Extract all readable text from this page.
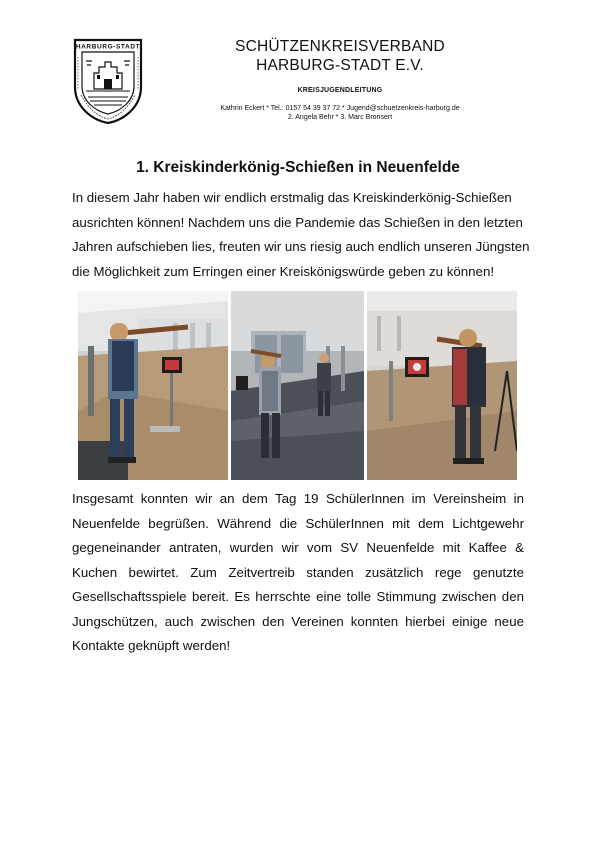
HARBURG-STADT	SCHÜTZENKREISVERBAND
HARBURG-STADT E.V.
KREISJUGENDLEITUNG
Kathrin Eckert * Tel.: 0157 54 39 37 72 * Jugend@schuetzenkreis-harburg.de
2. Angela Behr * 3. Marc Bronsert
1. Kreiskinderkönig-Schießen in Neuenfelde
In diesem Jahr haben wir endlich erstmalig das Kreiskinderkönig-Schießen
ausrichten können! Nachdem uns die Pandemie das Schießen in den letzten
Jahren aufschieben lies, freuten wir uns riesig auch endlich unseren Jüngsten
die Möglichkeit zum Erringen einer Kreiskönigswürde geben zu können!
Insgesamt konnten wir an dem Tag 19 SchülerInnen im Vereinsheim in
Neuenfelde begrüßen. Während die SchülerInnen mit dem Lichtgewehr
gegeneinander antraten, wurden wir vom SV Neuenfelde mit Kaffee &
Kuchen bewirtet. Zum Zeitvertreib standen zusätzlich rege genutzte
Gesellschaftsspiele bereit. Es herrschte eine tolle Stimmung zwischen den
Jungschützen, auch zwischen den Vereinen konnten hierbei einige neue
Kontakte geknüpft werden!
